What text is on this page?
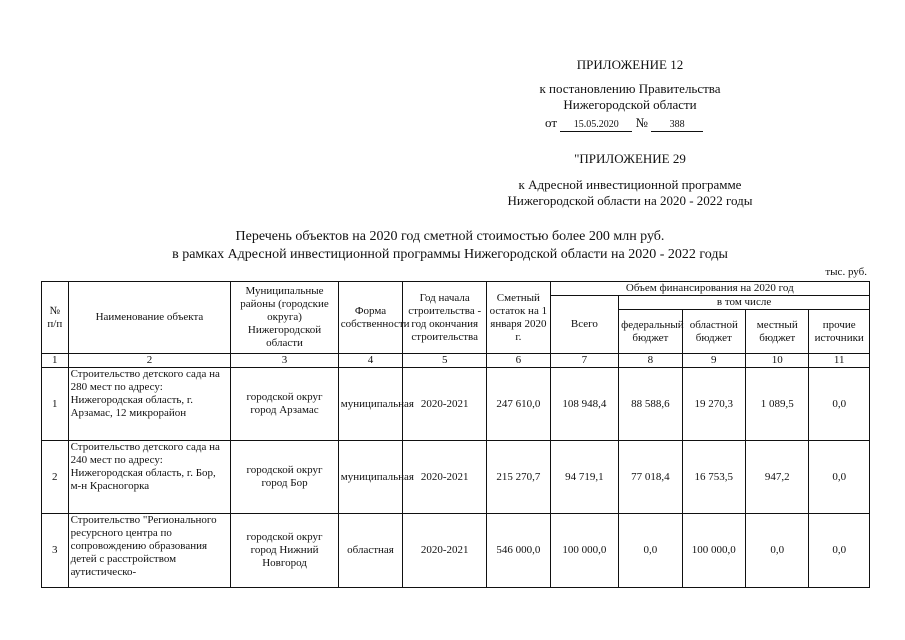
ПРИЛОЖЕНИЕ 12
к постановлению Правительства
Нижегородской области
от 15.05.2020 № 388
"ПРИЛОЖЕНИЕ 29
к Адресной инвестиционной программе
Нижегородской области на 2020 - 2022 годы
Перечень объектов на 2020 год сметной стоимостью более 200 млн руб.
в рамках Адресной инвестиционной программы Нижегородской области на 2020 - 2022 годы
тыс. руб.
№ п/п	Наименование объекта	Муниципальные районы (городские округа) Нижегородской области	Форма собственности	Год начала строительства - год окончания строительства	Сметный остаток на 1 января 2020 г.	Объем финансирования на 2020 год				
						Всего	в том числе			
							федеральный бюджет	областной бюджет	местный бюджет	прочие источники
1	2	3	4	5	6	7	8	9	10	11
1	Строительство детского сада на 280 мест по адресу: Нижегородская область, г. Арзамас, 12 микрорайон	городской округ город Арзамас	муниципальная	2020-2021	247 610,0	108 948,4	88 588,6	19 270,3	1 089,5	0,0
2	Строительство детского сада на 240 мест по адресу: Нижегородская область, г. Бор, м-н Красногорка	городской округ город Бор	муниципальная	2020-2021	215 270,7	94 719,1	77 018,4	16 753,5	947,2	0,0
3	Строительство "Регионального ресурсного центра по сопровождению образования детей с расстройством аутистическо-	городской округ город Нижний Новгород	областная	2020-2021	546 000,0	100 000,0	0,0	100 000,0	0,0	0,0
